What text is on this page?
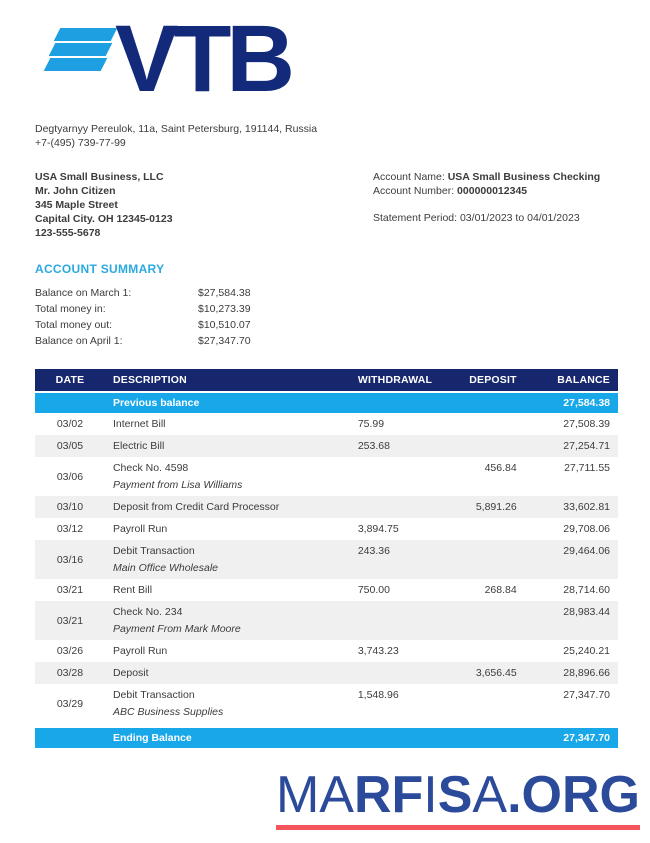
VTB
Degtyarnyy Pereulok, 11a, Saint Petersburg, 191144, Russia
+7-(495) 739-77-99
USA Small Business, LLC
Mr. John Citizen
345 Maple Street
Capital City. OH 12345-0123
123-555-5678
Account Name: USA Small Business Checking
Account Number: 000000012345
Statement Period: 03/01/2023 to 04/01/2023
ACCOUNT SUMMARY
Balance on March 1:	$27,584.38
Total money in:	$10,273.39
Total money out:	$10,510.07
Balance on April 1:	$27,347.70
DATE	DESCRIPTION	WITHDRAWAL	DEPOSIT	BALANCE
	Previous balance			27,584.38
03/02	Internet Bill	75.99		27,508.39
03/05	Electric Bill	253.68		27,254.71
03/06	Check No. 4598
Payment from Lisa Williams		456.84	27,711.55
03/10	Deposit from Credit Card Processor		5,891.26	33,602.81
03/12	Payroll Run	3,894.75		29,708.06
03/16	Debit Transaction
Main Office Wholesale	243.36		29,464.06
03/21	Rent Bill	750.00	268.84	28,714.60
03/21	Check No. 234
Payment From Mark Moore			28,983.44
03/26	Payroll Run	3,743.23		25,240.21
03/28	Deposit		3,656.45	28,896.66
03/29	Debit Transaction
ABC Business Supplies	1,548.96		27,347.70
	Ending Balance			27,347.70
MARFISA.ORG
